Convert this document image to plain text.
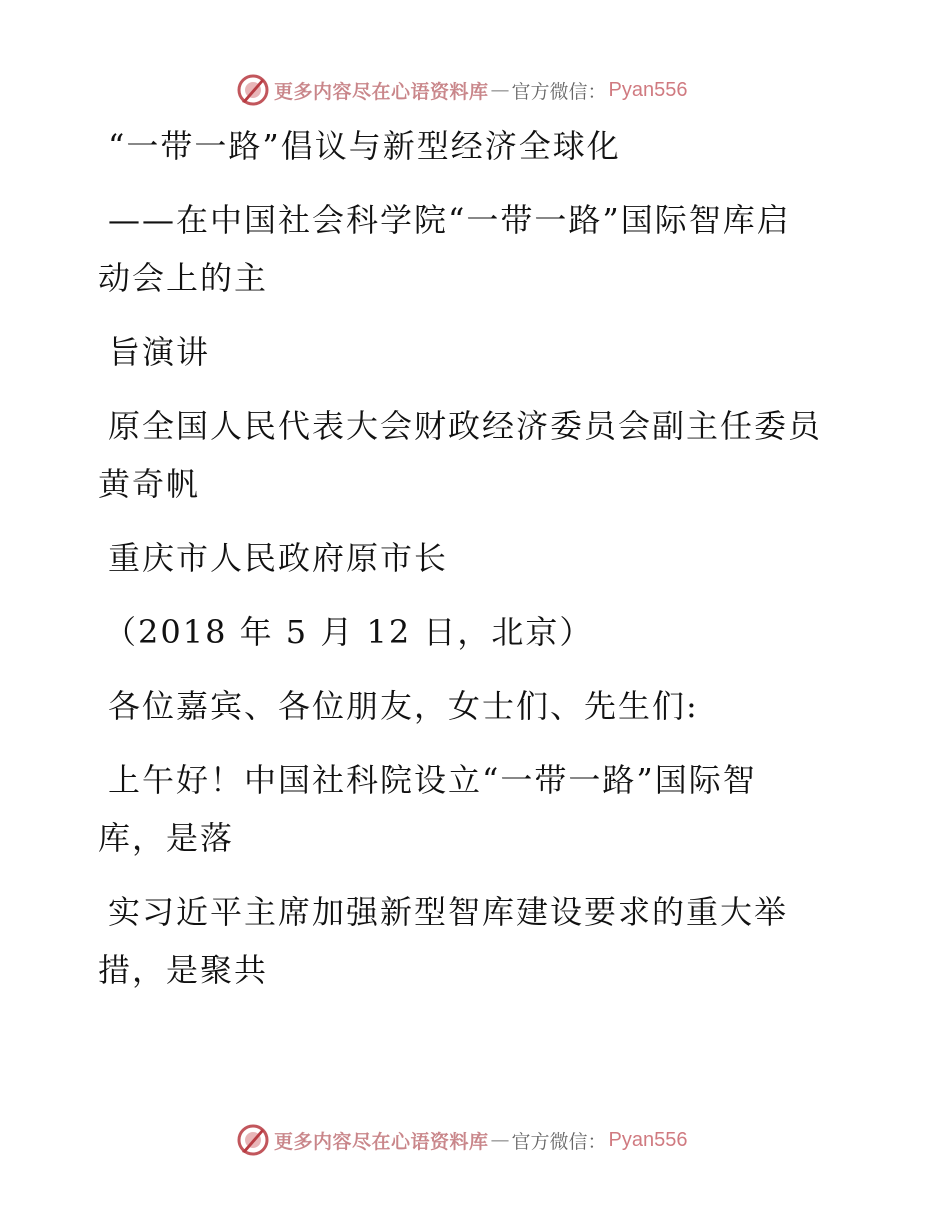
更多内容尽在心语资料库 — 官方微信： Pyan556
“一带一路”倡议与新型经济全球化
——在中国社会科学院“一带一路”国际智库启
动会上的主
旨演讲
原全国人民代表大会财政经济委员会副主任委员
黄奇帆
重庆市人民政府原市长
（2018 年 5 月 12 日，北京）
各位嘉宾、各位朋友，女士们、先生们:
上午好！中国社科院设立“一带一路”国际智
库，是落
实习近平主席加强新型智库建设要求的重大举
措，是聚共
更多内容尽在心语资料库 — 官方微信： Pyan556
